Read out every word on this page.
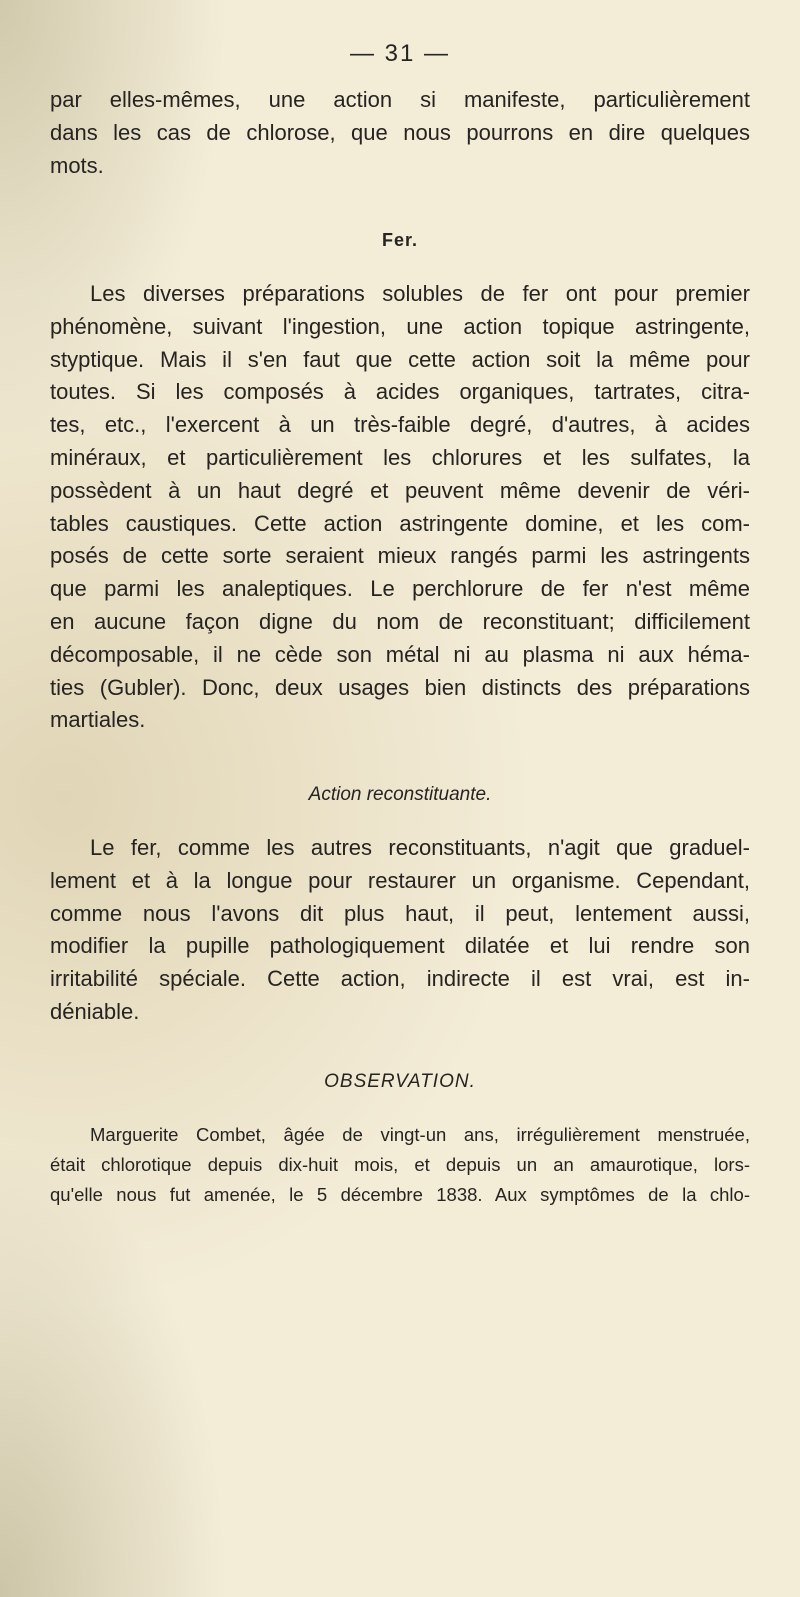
— 31 —
par elles-mêmes, une action si manifeste, particulièrement
dans les cas de chlorose, que nous pourrons en dire quelques
mots.
Fer.
Les diverses préparations solubles de fer ont pour premier
phénomène, suivant l'ingestion, une action topique astringente,
styptique. Mais il s'en faut que cette action soit la même pour
toutes. Si les composés à acides organiques, tartrates, citra-
tes, etc., l'exercent à un très-faible degré, d'autres, à acides
minéraux, et particulièrement les chlorures et les sulfates, la
possèdent à un haut degré et peuvent même devenir de véri-
tables caustiques. Cette action astringente domine, et les com-
posés de cette sorte seraient mieux rangés parmi les astringents
que parmi les analeptiques. Le perchlorure de fer n'est même
en aucune façon digne du nom de reconstituant; difficilement
décomposable, il ne cède son métal ni au plasma ni aux héma-
ties (Gubler). Donc, deux usages bien distincts des préparations
martiales.
Action reconstituante.
Le fer, comme les autres reconstituants, n'agit que graduel-
lement et à la longue pour restaurer un organisme. Cependant,
comme nous l'avons dit plus haut, il peut, lentement aussi,
modifier la pupille pathologiquement dilatée et lui rendre son
irritabilité spéciale. Cette action, indirecte il est vrai, est in-
déniable.
OBSERVATION.
Marguerite Combet, âgée de vingt-un ans, irrégulièrement menstruée,
était chlorotique depuis dix-huit mois, et depuis un an amaurotique, lors-
qu'elle nous fut amenée, le 5 décembre 1838. Aux symptômes de la chlo-
